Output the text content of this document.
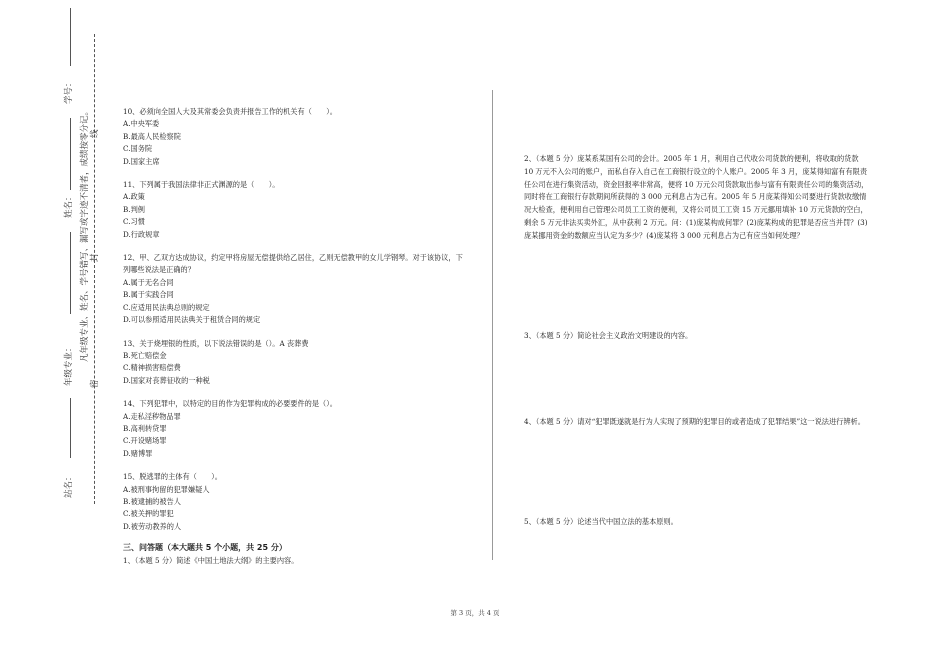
学号：
姓名：
年级专业：
站名：
凡年级专业、姓名、学号错写、漏写或字迹不清者，成绩按零分记。
密
封
线

10、必须向全国人大及其常委会负责并报告工作的机关有（　　）。

A.中央军委

B.最高人民检察院

C.国务院

D.国家主席

11、下列属于我国法律非正式渊源的是（　　）。

A.政策

B.判例

C.习惯

D.行政规章

12、甲、乙双方达成协议，约定甲将房屋无偿提供给乙居住，乙则无偿教甲的女儿学钢琴。对于该协议，下列哪些说法是正确的？

A.属于无名合同

B.属于实践合同

C.应适用民法典总则的规定

D.可以参照适用民法典关于租赁合同的规定

13、关于烧埋银的性质，以下说法错误的是（）。A 丧葬费

B.死亡赔偿金

C.精神损害赔偿费

D.国家对丧葬征收的一种税

14、下列犯罪中，以特定的目的作为犯罪构成的必要要件的是（）。

A.走私淫秽物品罪

B.高利转贷罪

C.开设赌场罪

D.赌博罪

15、脱逃罪的主体有（　　）。

A.被刑事拘留的犯罪嫌疑人

B.被逮捕的被告人

C.被关押的罪犯

D.被劳动教养的人

三、问答题（本大题共 5 个小题，共 25 分）

1、（本题 5 分）简述《中国土地法大纲》的主要内容。

2、（本题 5 分）庞某系某国有公司的会计。2005 年 1 月，利用自己代收公司货款的便利，将收取的货款 10 万元不入公司的账户，而私自存入自己在工商银行设立的个人账户。2005 年 3 月，庞某得知富有有限责任公司在进行集资活动，资金回报率非常高，便将 10 万元公司货款取出参与富有有限责任公司的集资活动，同时将在工商银行存款期间所获得的 3 000 元利息占为己有。2005 年 5 月庞某得知公司要进行货款收缴情况大检查，便利用自己管理公司员工工资的便利，又将公司员工工资 15 万元挪用填补 10 万元货款的空白，剩余 5 万元非法买卖外汇，从中获利 2 万元。问：(1)庞某构成何罪？(2)庞某构成的犯罪是否应当并罚？(3)庞某挪用资金的数额应当认定为多少？(4)庞某将 3 000 元利息占为己有应当如何处理？
3、（本题 5 分）简论社会主义政治文明建设的内容。
4、（本题 5 分）请对“犯罪既遂就是行为人实现了预期的犯罪目的或者造成了犯罪结果”这一说法进行辨析。
5、（本题 5 分）论述当代中国立法的基本原则。
第 3 页，共 4 页
